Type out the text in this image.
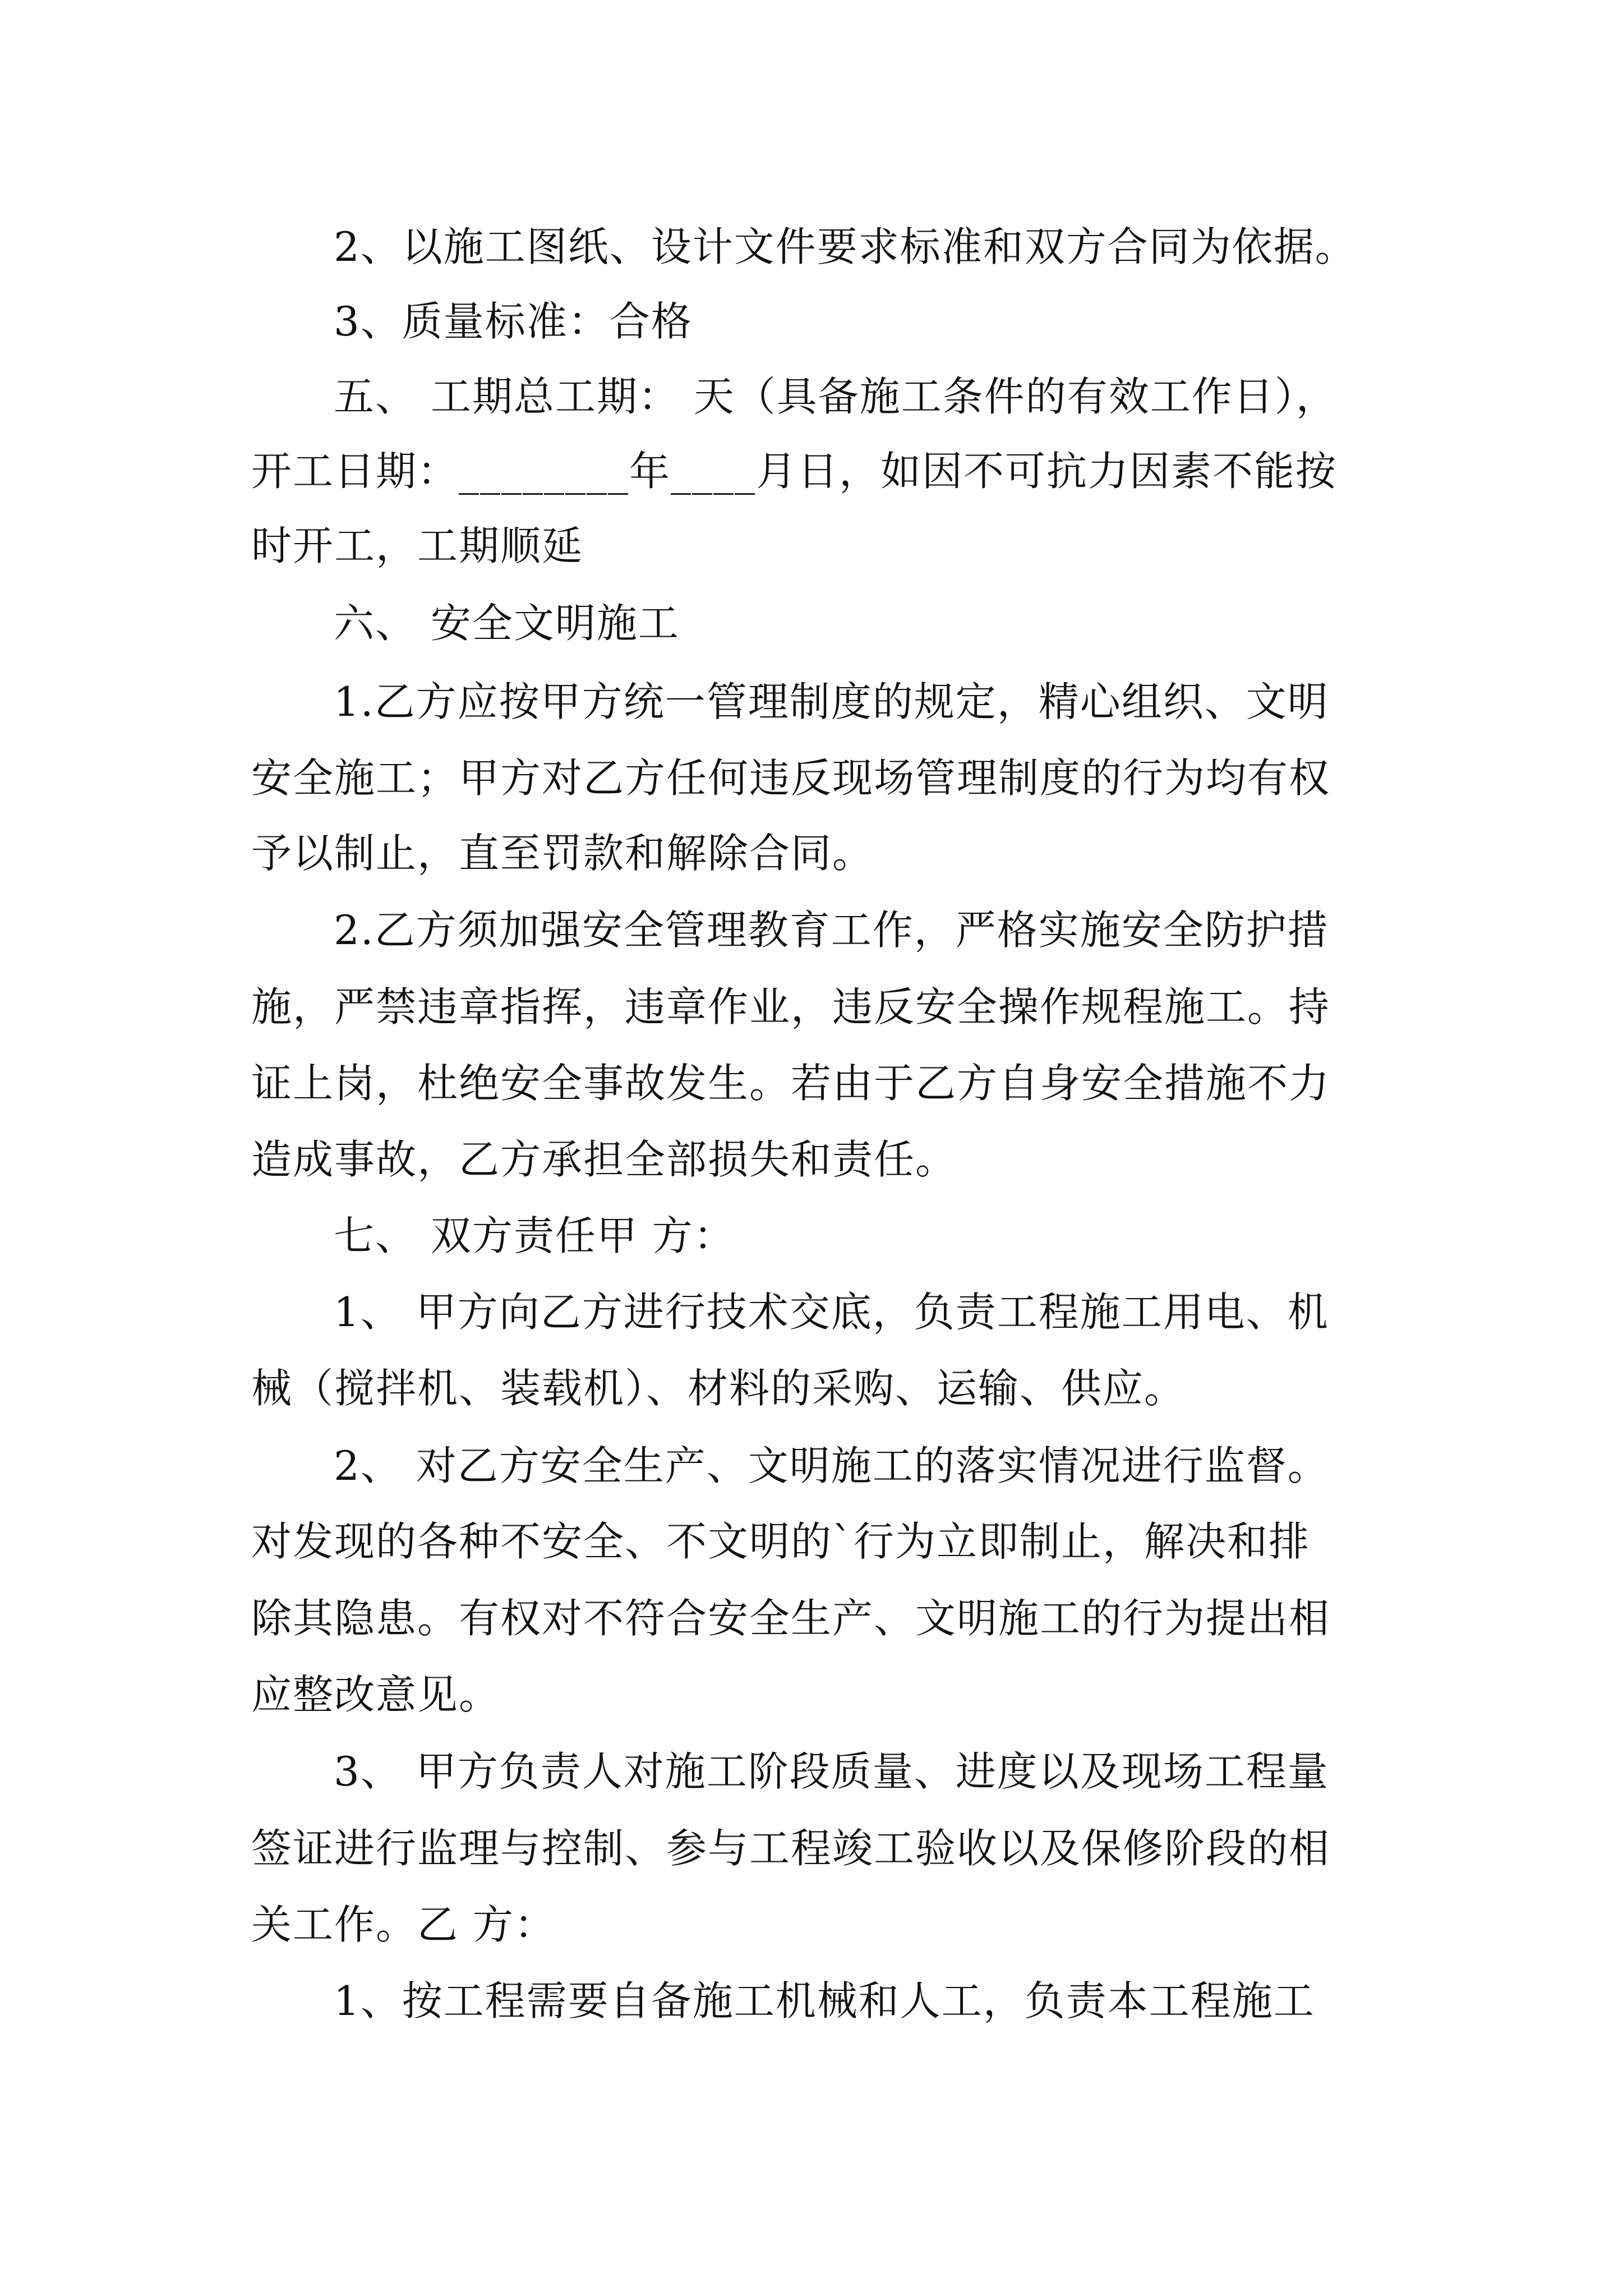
2、以施工图纸、设计文件要求标准和双方合同为依据。
3、质量标准：合格
五、 工期总工期： 天（具备施工条件的有效工作日），
开工日期：________年____月日，如因不可抗力因素不能按
时开工，工期顺延
六、 安全文明施工
1.乙方应按甲方统一管理制度的规定，精心组织、文明
安全施工；甲方对乙方任何违反现场管理制度的行为均有权
予以制止，直至罚款和解除合同。
2.乙方须加强安全管理教育工作，严格实施安全防护措
施，严禁违章指挥，违章作业，违反安全操作规程施工。持
证上岗，杜绝安全事故发生。若由于乙方自身安全措施不力
造成事故，乙方承担全部损失和责任。
七、 双方责任甲 方：
1、 甲方向乙方进行技术交底，负责工程施工用电、机
械（搅拌机、装载机）、材料的采购、运输、供应。
2、 对乙方安全生产、文明施工的落实情况进行监督。
对发现的各种不安全、不文明的`行为立即制止，解决和排
除其隐患。有权对不符合安全生产、文明施工的行为提出相
应整改意见。
3、 甲方负责人对施工阶段质量、进度以及现场工程量
签证进行监理与控制、参与工程竣工验收以及保修阶段的相
关工作。乙 方：
1、按工程需要自备施工机械和人工，负责本工程施工
